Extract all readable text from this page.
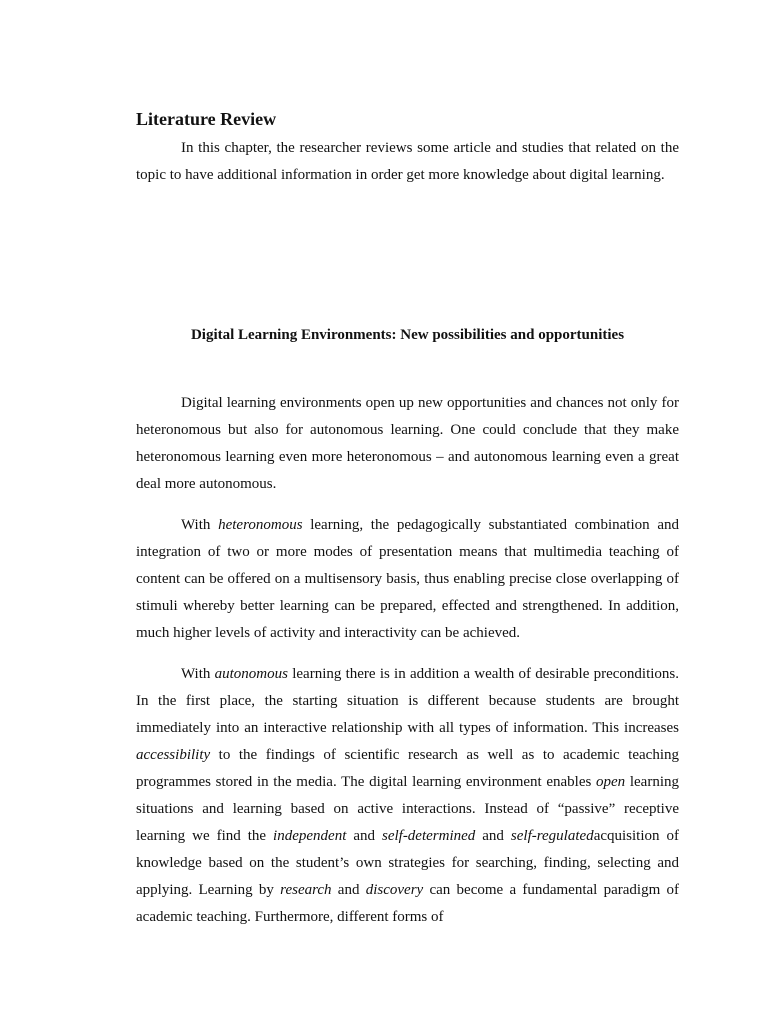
Literature Review

In this chapter, the researcher reviews some article and studies that related on the topic to have additional information in order get more knowledge about digital learning.

Digital Learning Environments: New possibilities and opportunities

Digital learning environments open up new opportunities and chances not only for heteronomous but also for autonomous learning. One could conclude that they make heteronomous learning even more heteronomous – and autonomous learning even a great deal more autonomous.

With heteronomous learning, the pedagogically substantiated combination and integration of two or more modes of presentation means that multimedia teaching of content can be offered on a multisensory basis, thus enabling precise close overlapping of stimuli whereby better learning can be prepared, effected and strengthened. In addition, much higher levels of activity and interactivity can be achieved.

With autonomous learning there is in addition a wealth of desirable preconditions. In the first place, the starting situation is different because students are brought immediately into an interactive relationship with all types of information. This increases accessibility to the findings of scientific research as well as to academic teaching programmes stored in the media. The digital learning environment enables open learning situations and learning based on active interactions. Instead of “passive” receptive learning we find the independent and self-determined and self-regulatedacquisition of knowledge based on the student’s own strategies for searching, finding, selecting and applying. Learning by research and discovery can become a fundamental paradigm of academic teaching. Furthermore, different forms of
